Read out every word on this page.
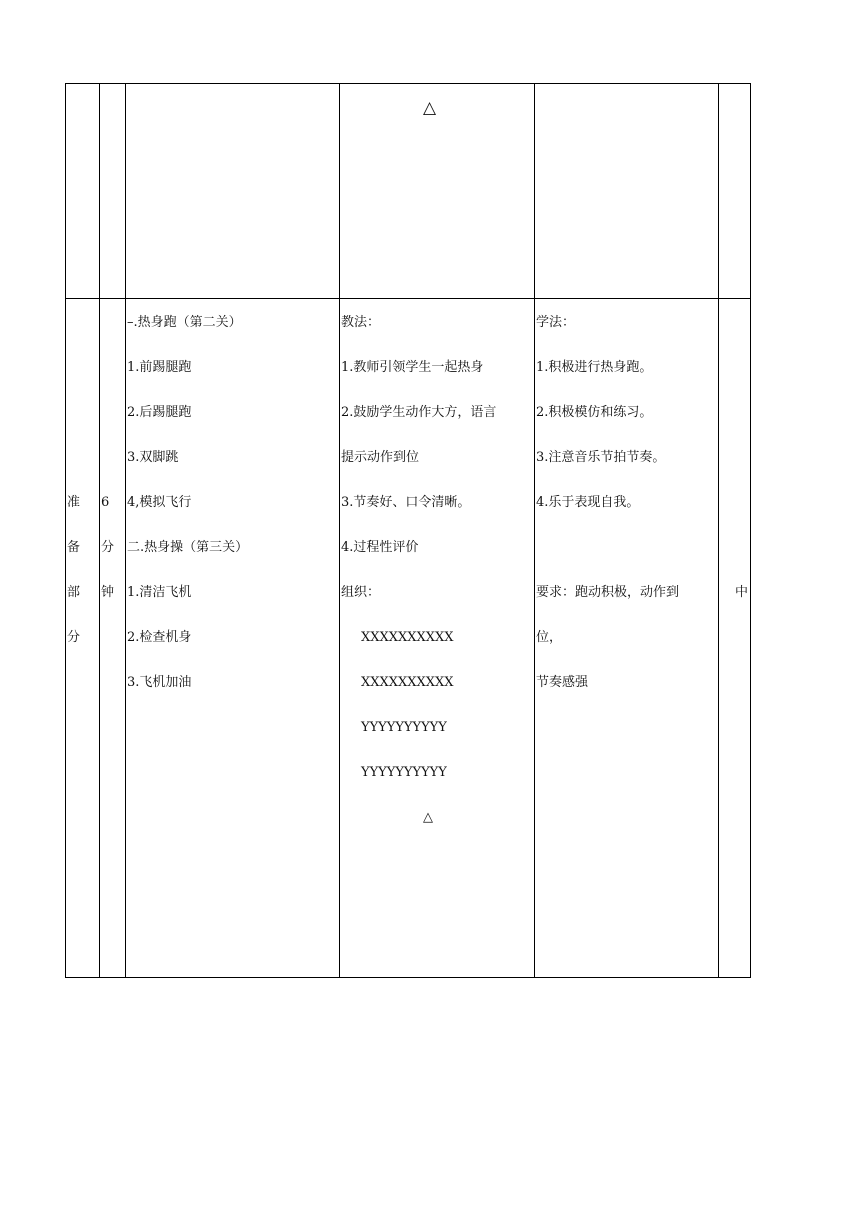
△
准
备
部
分
6
分
钟
–.热身跑（第二关）
1.前踢腿跑
2.后踢腿跑
3.双脚跳
4,模拟飞行
二.热身操（第三关）
1.清洁飞机
2.检查机身
3.飞机加油
教法：
1.教师引领学生一起热身
2.鼓励学生动作大方，语言
提示动作到位
3.节奏好、口令清晰。
4.过程性评价
组织：
XXXXXXXXXX
XXXXXXXXXX
YYYYYYYYYY
YYYYYYYYYY
△
学法：
1.积极进行热身跑。
2.积极模仿和练习。
3.注意音乐节拍节奏。
4.乐于表现自我。
要求：跑动积极，动作到
位，
节奏感强
中
